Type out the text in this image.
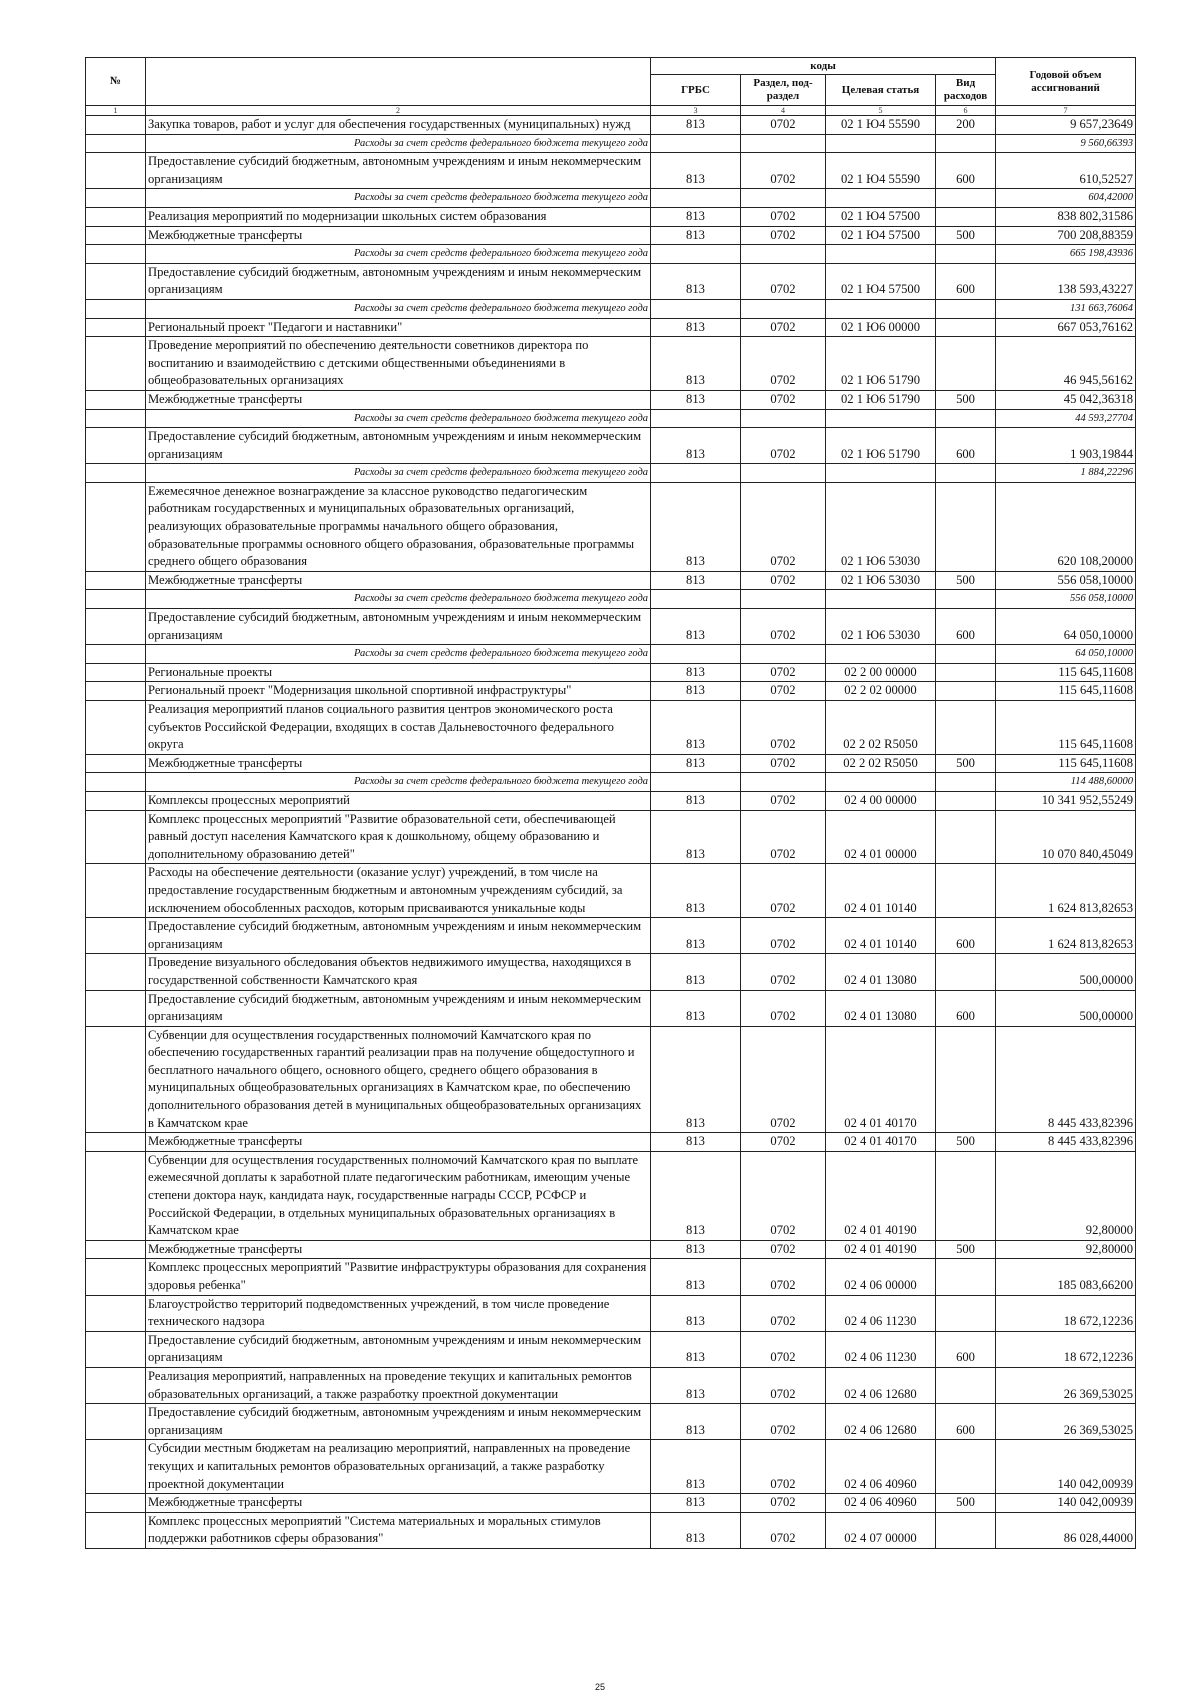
№		коды				Годовой объем ассигнований
		ГРБС	Раздел, под-раздел	Целевая статья	Вид расходов	
1	2	3	4	5	6	7
	Закупка товаров, работ и услуг для обеспечения государственных (муниципальных) нужд	813	0702	02 1 Ю4 55590	200	9 657,23649
	Расходы за счет средств федерального бюджета текущего года					9 560,66393
	Предоставление субсидий бюджетным, автономным учреждениям и иным некоммерческим организациям	813	0702	02 1 Ю4 55590	600	610,52527
	Расходы за счет средств федерального бюджета текущего года					604,42000
	Реализация мероприятий по модернизации школьных систем образования	813	0702	02 1 Ю4 57500		838 802,31586
	Межбюджетные трансферты	813	0702	02 1 Ю4 57500	500	700 208,88359
	Расходы за счет средств федерального бюджета текущего года					665 198,43936
	Предоставление субсидий бюджетным, автономным учреждениям и иным некоммерческим организациям	813	0702	02 1 Ю4 57500	600	138 593,43227
	Расходы за счет средств федерального бюджета текущего года					131 663,76064
	Региональный проект "Педагоги и наставники"	813	0702	02 1 Ю6 00000		667 053,76162
	Проведение мероприятий по обеспечению деятельности советников директора по воспитанию и взаимодействию с детскими общественными объединениями в общеобразовательных организациях	813	0702	02 1 Ю6 51790		46 945,56162
	Межбюджетные трансферты	813	0702	02 1 Ю6 51790	500	45 042,36318
	Расходы за счет средств федерального бюджета текущего года					44 593,27704
	Предоставление субсидий бюджетным, автономным учреждениям и иным некоммерческим организациям	813	0702	02 1 Ю6 51790	600	1 903,19844
	Расходы за счет средств федерального бюджета текущего года					1 884,22296
	Ежемесячное денежное вознаграждение за классное руководство педагогическим работникам государственных и муниципальных образовательных организаций, реализующих образовательные программы начального общего образования, образовательные программы основного общего образования, образовательные программы среднего общего образования	813	0702	02 1 Ю6 53030		620 108,20000
	Межбюджетные трансферты	813	0702	02 1 Ю6 53030	500	556 058,10000
	Расходы за счет средств федерального бюджета текущего года					556 058,10000
	Предоставление субсидий бюджетным, автономным учреждениям и иным некоммерческим организациям	813	0702	02 1 Ю6 53030	600	64 050,10000
	Расходы за счет средств федерального бюджета текущего года					64 050,10000
	Региональные проекты	813	0702	02 2 00 00000		115 645,11608
	Региональный проект "Модернизация школьной спортивной инфраструктуры"	813	0702	02 2 02 00000		115 645,11608
	Реализация мероприятий планов социального развития центров экономического роста субъектов Российской Федерации, входящих в состав Дальневосточного федерального округа	813	0702	02 2 02 R5050		115 645,11608
	Межбюджетные трансферты	813	0702	02 2 02 R5050	500	115 645,11608
	Расходы за счет средств федерального бюджета текущего года					114 488,60000
	Комплексы процессных мероприятий	813	0702	02 4 00 00000		10 341 952,55249
	Комплекс процессных мероприятий "Развитие образовательной сети, обеспечивающей равный доступ населения Камчатского края к дошкольному, общему образованию и дополнительному образованию детей"	813	0702	02 4 01 00000		10 070 840,45049
	Расходы на обеспечение деятельности (оказание услуг) учреждений, в том числе на предоставление государственным бюджетным и автономным учреждениям субсидий, за исключением обособленных расходов, которым присваиваются уникальные коды	813	0702	02 4 01 10140		1 624 813,82653
	Предоставление субсидий бюджетным, автономным учреждениям и иным некоммерческим организациям	813	0702	02 4 01 10140	600	1 624 813,82653
	Проведение визуального обследования объектов недвижимого имущества, находящихся в государственной собственности Камчатского края	813	0702	02 4 01 13080		500,00000
	Предоставление субсидий бюджетным, автономным учреждениям и иным некоммерческим организациям	813	0702	02 4 01 13080	600	500,00000
	Субвенции для осуществления государственных полномочий Камчатского края по обеспечению государственных гарантий реализации прав на получение общедоступного и бесплатного начального общего, основного общего, среднего общего образования в муниципальных общеобразовательных организациях в Камчатском крае, по обеспечению дополнительного образования детей в муниципальных общеобразовательных организациях в Камчатском крае	813	0702	02 4 01 40170		8 445 433,82396
	Межбюджетные трансферты	813	0702	02 4 01 40170	500	8 445 433,82396
	Субвенции для осуществления государственных полномочий Камчатского края по выплате ежемесячной доплаты к заработной плате педагогическим работникам, имеющим ученые степени доктора наук, кандидата наук, государственные награды СССР, РСФСР и Российской Федерации, в отдельных муниципальных образовательных организациях в Камчатском крае	813	0702	02 4 01 40190		92,80000
	Межбюджетные трансферты	813	0702	02 4 01 40190	500	92,80000
	Комплекс процессных мероприятий "Развитие инфраструктуры образования для сохранения здоровья ребенка"	813	0702	02 4 06 00000		185 083,66200
	Благоустройство территорий подведомственных учреждений, в том числе проведение технического надзора	813	0702	02 4 06 11230		18 672,12236
	Предоставление субсидий бюджетным, автономным учреждениям и иным некоммерческим организациям	813	0702	02 4 06 11230	600	18 672,12236
	Реализация мероприятий, направленных на проведение текущих и капитальных ремонтов образовательных организаций, а также разработку проектной документации	813	0702	02 4 06 12680		26 369,53025
	Предоставление субсидий бюджетным, автономным учреждениям и иным некоммерческим организациям	813	0702	02 4 06 12680	600	26 369,53025
	Субсидии местным бюджетам на реализацию мероприятий, направленных на проведение текущих и капитальных ремонтов образовательных организаций, а также разработку проектной документации	813	0702	02 4 06 40960		140 042,00939
	Межбюджетные трансферты	813	0702	02 4 06 40960	500	140 042,00939
	Комплекс процессных мероприятий "Система материальных и моральных стимулов поддержки работников сферы образования"	813	0702	02 4 07 00000		86 028,44000
25
